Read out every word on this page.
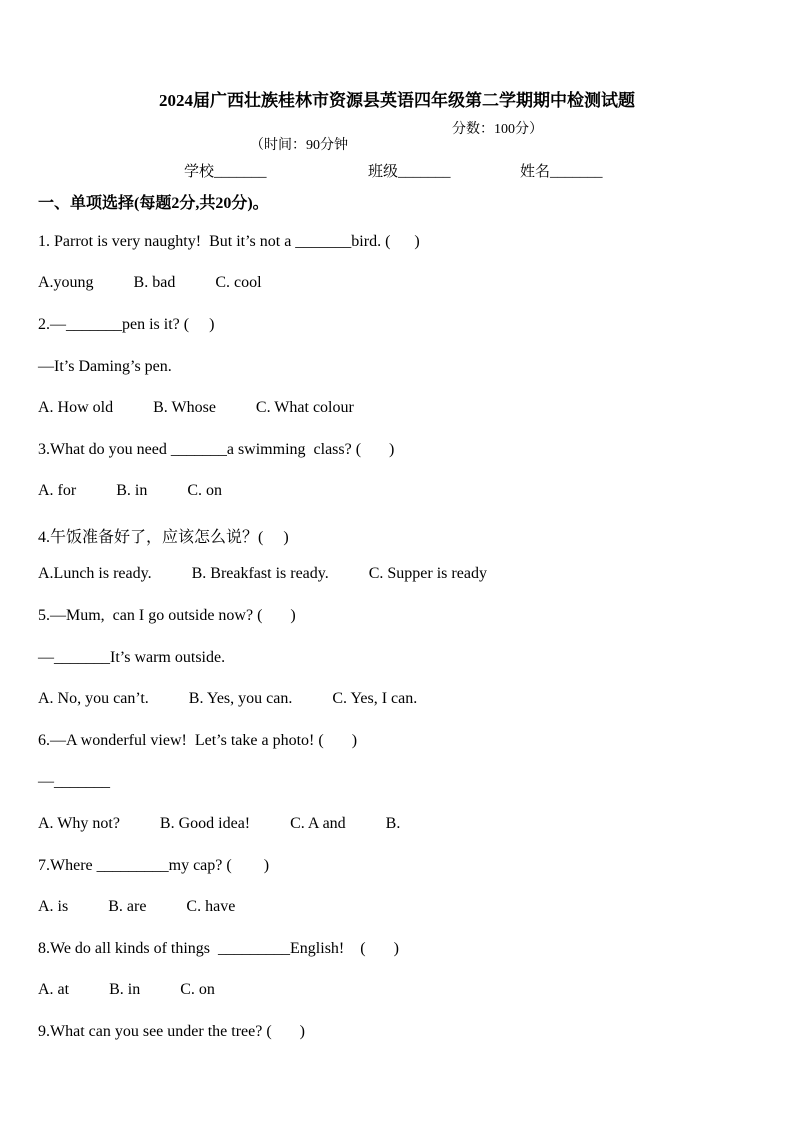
2024届广西壮族桂林市资源县英语四年级第二学期期中检测试题

（时间：90分钟

分数：100分）

学校_______	班级_______	姓名_______
一、单项选择(每题2分,共20分)。
1. Parrot is very naughty!  But it’s not a _______bird. (      )
A.young          B. bad          C. cool
2.—_______pen is it? (     )
—It’s Daming’s pen.
A. How old          B. Whose          C. What colour
3.What do you need _______a swimming  class? (       )
A. for          B. in          C. on
4.午饭准备好了，应该怎么说？(     )
A.Lunch is ready.          B. Breakfast is ready.          C. Supper is ready
5.—Mum,  can I go outside now? (       )
—_______It’s warm outside.
A. No, you can’t.          B. Yes, you can.          C. Yes, I can.
6.—A wonderful view!  Let’s take a photo! (       )
—_______
A. Why not?          B. Good idea!          C. A and          B.
7.Where _________my cap? (        )
A. is          B. are          C. have
8.We do all kinds of things  _________English!    (       )
A. at          B. in          C. on
9.What can you see under the tree? (       )
